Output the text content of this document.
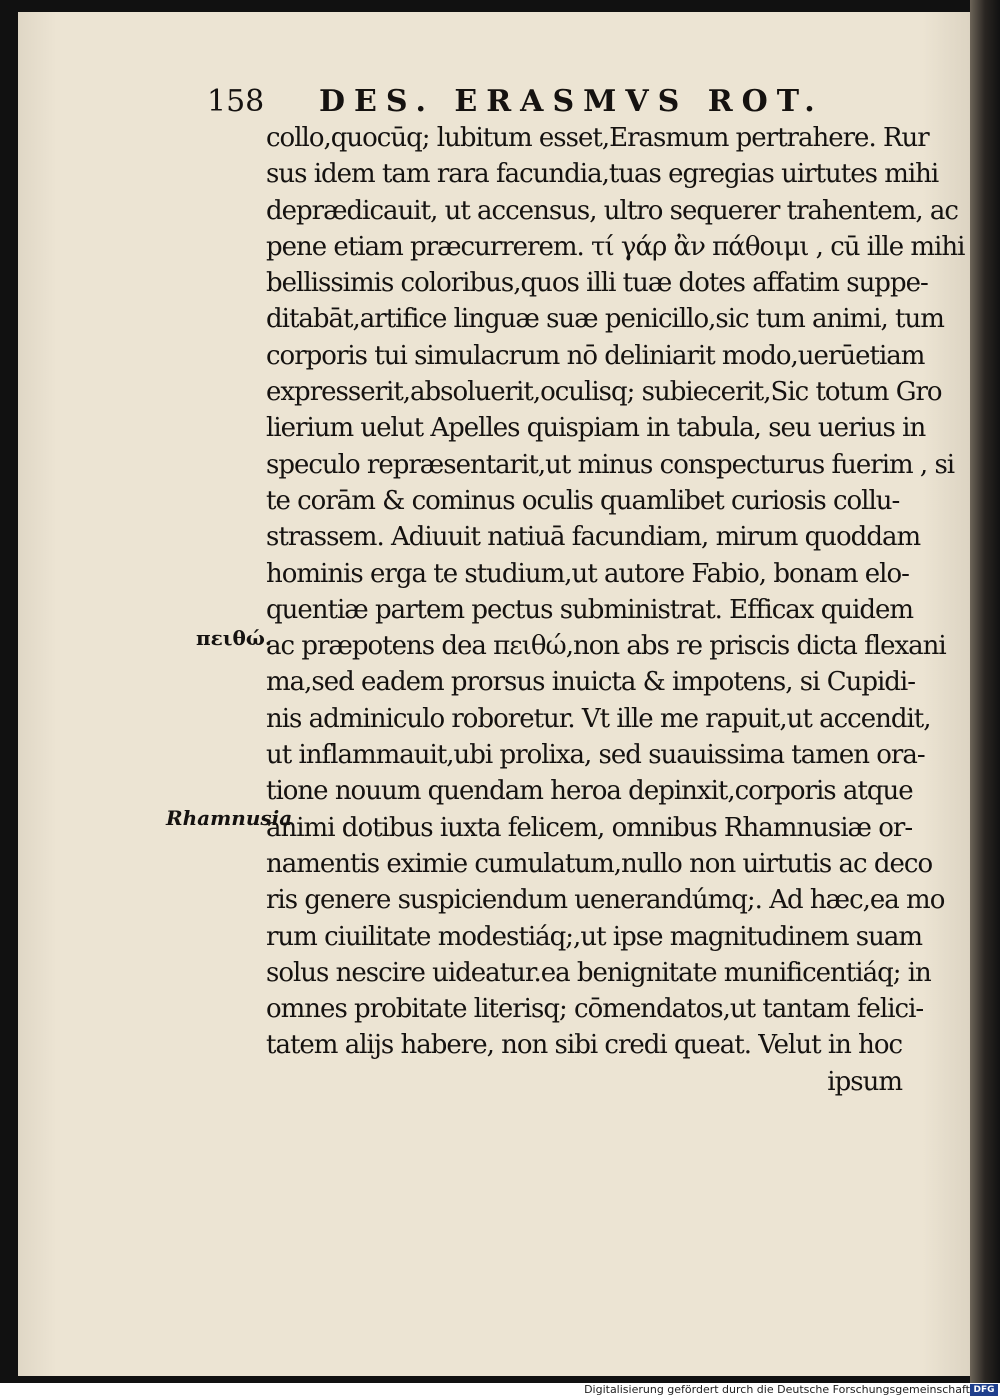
158 DES. ERASMVS ROT.
collo,quocūq; lubitum esset,Erasmum pertrahere. Rur
sus idem tam rara facundia,tuas egregias uirtutes mihi
deprædicauit, ut accensus, ultro sequerer trahentem, ac
pene etiam præcurrerem. τί γάρ ἂν πάθοιμι , cū ille mihi
bellissimis coloribus,quos illi tuæ dotes affatim suppe-
ditabāt,artifice linguæ suæ penicillo,sic tum animi, tum
corporis tui simulacrum nō deliniarit modo,uerūetiam
expresserit,absoluerit,oculisq; subiecerit,Sic totum Gro
lierium uelut Apelles quispiam in tabula, seu uerius in
speculo repræsentarit,ut minus conspecturus fuerim , si
te corām & cominus oculis quamlibet curiosis collu-
strassem. Adiuuit natiuā facundiam, mirum quoddam
hominis erga te studium,ut autore Fabio, bonam elo-
quentiæ partem pectus subministrat. Efficax quidem
ac præpotens dea πειθώ,non abs re priscis dicta flexani
ma,sed eadem prorsus inuicta & impotens, si Cupidi-
nis adminiculo roboretur. Vt ille me rapuit,ut accendit,
ut inflammauit,ubi prolixa, sed suauissima tamen ora-
tione nouum quendam heroa depinxit,corporis atque
animi dotibus iuxta felicem, omnibus Rhamnusiæ or-
namentis eximie cumulatum,nullo non uirtutis ac deco
ris genere suspiciendum uenerandúmq;. Ad hæc,ea mo
rum ciuilitate modestiáq;,ut ipse magnitudinem suam
solus nescire uideatur.ea benignitate munificentiáq; in
omnes probitate literisq; cōmendatos,ut tantam felici-
tatem alijs habere, non sibi credi queat. Velut in hoc
ipsum
πειθώ.
Rhamnusia
Digitalisierung gefördert durch die Deutsche Forschungsgemeinschaft DFG
